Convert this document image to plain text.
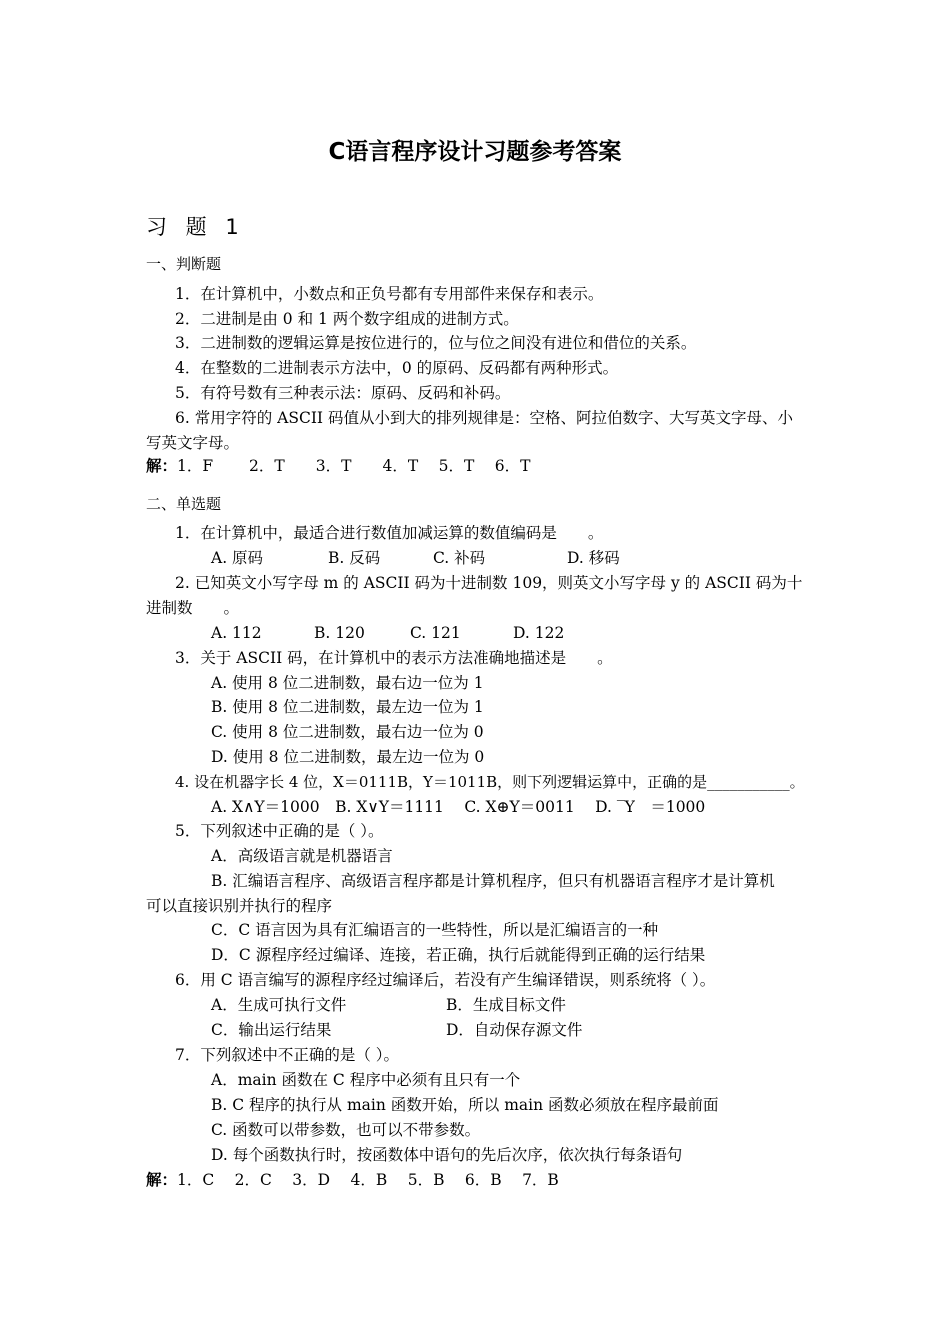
C语言程序设计习题参考答案
习 题 1
一、判断题
1．在计算机中，小数点和正负号都有专用部件来保存和表示。
2．二进制是由 0 和 1 两个数字组成的进制方式。
3．二进制数的逻辑运算是按位进行的，位与位之间没有进位和借位的关系。
4．在整数的二进制表示方法中，0 的原码、反码都有两种形式。
5．有符号数有三种表示法：原码、反码和补码。
6. 常用字符的 ASCII 码值从小到大的排列规律是：空格、阿拉伯数字、大写英文字母、小
写英文字母。
解：1．F　　 2．T　　3．T　　4．T　 5．T　 6．T
二、单选题
1．在计算机中，最适合进行数值加减运算的数值编码是　　。
A. 原码	B. 反码	C. 补码	D. 移码
2. 已知英文小写字母 m 的 ASCII 码为十进制数 109，则英文小写字母 y 的 ASCII 码为十
进制数　　。
A. 112	B. 120	C. 121	D. 122
3．关于 ASCII 码，在计算机中的表示方法准确地描述是　　。
A. 使用 8 位二进制数，最右边一位为 1
B. 使用 8 位二进制数，最左边一位为 1
C. 使用 8 位二进制数，最右边一位为 0
D. 使用 8 位二进制数，最左边一位为 0
4. 设在机器字长 4 位，X＝0111B，Y＝1011B，则下列逻辑运算中，正确的是___________。
A. X∧Y＝1000　B. X∨Y＝1111　 C. X⊕Y＝0011　 D. ‾Y　＝1000
5．下列叙述中正确的是（ ）。
A．高级语言就是机器语言
B. 汇编语言程序、高级语言程序都是计算机程序，但只有机器语言程序才是计算机
可以直接识别并执行的程序
C．C 语言因为具有汇编语言的一些特性，所以是汇编语言的一种
D．C 源程序经过编译、连接，若正确，执行后就能得到正确的运行结果
6．用 C 语言编写的源程序经过编译后，若没有产生编译错误，则系统将（ ）。
A．生成可执行文件	B．生成目标文件
C．输出运行结果	D．自动保存源文件
7．下列叙述中不正确的是（ ）。
A．main 函数在 C 程序中必须有且只有一个
B. C 程序的执行从 main 函数开始，所以 main 函数必须放在程序最前面
C. 函数可以带参数，也可以不带参数。
D. 每个函数执行时，按函数体中语句的先后次序，依次执行每条语句
解：1．C　 2．C　 3．D　 4．B　 5．B　 6．B　 7．B
